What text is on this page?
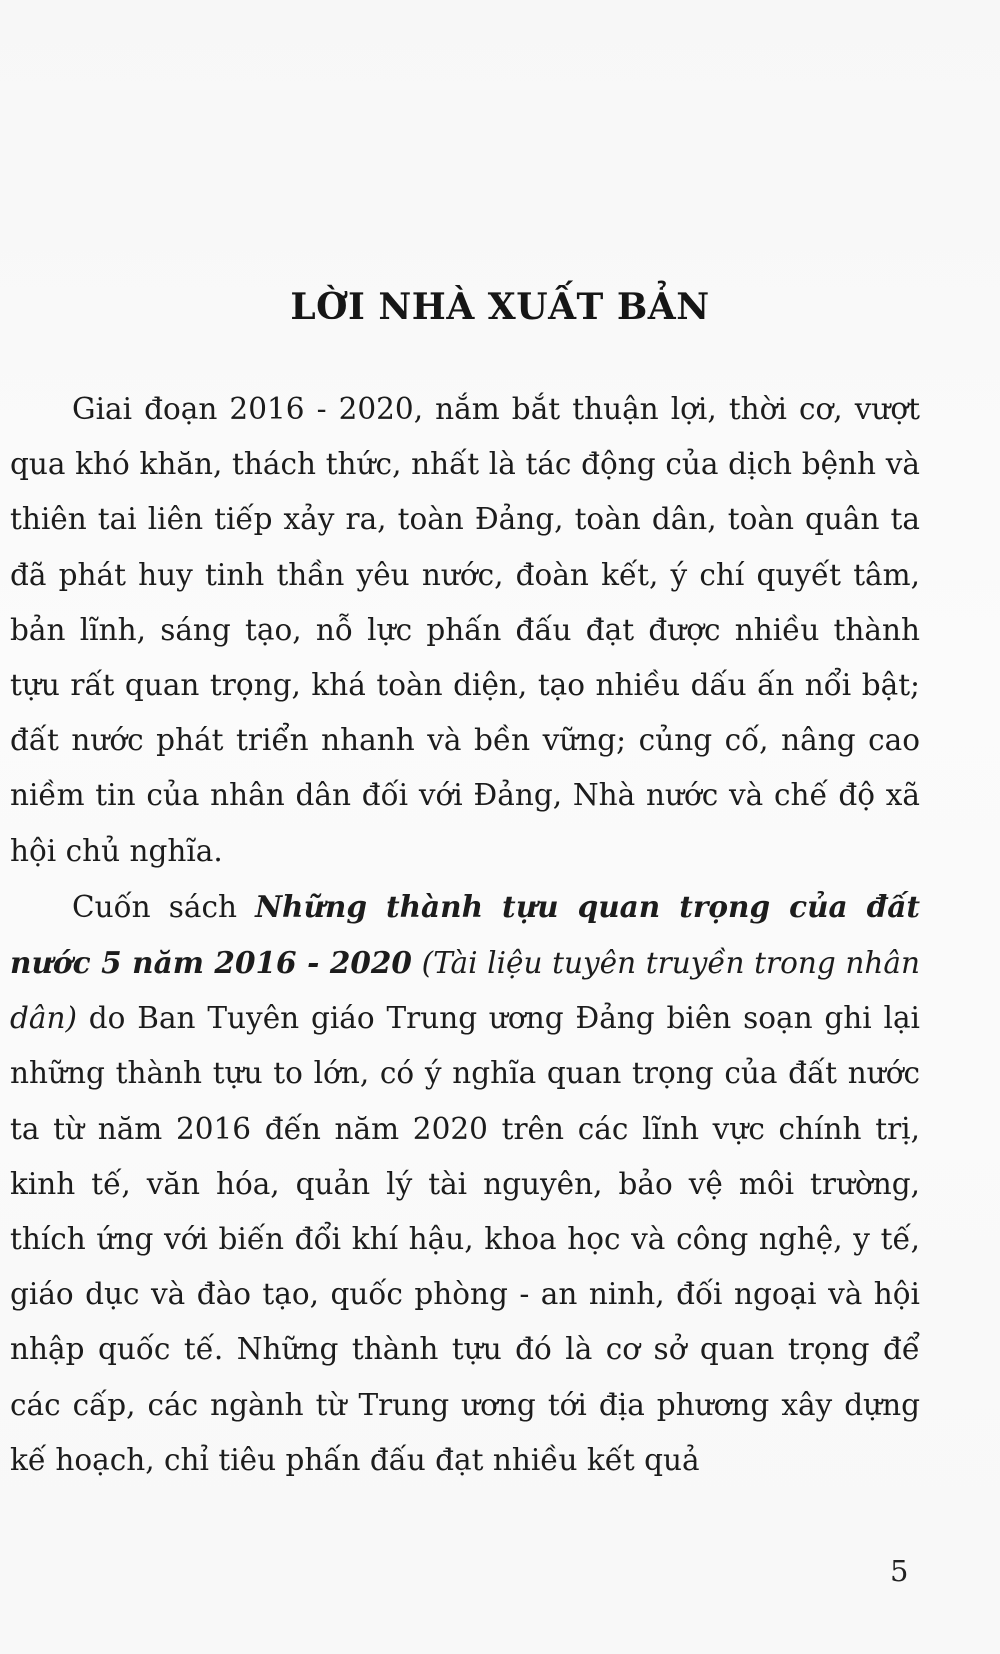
LỜI NHÀ XUẤT BẢN

Giai đoạn 2016 - 2020, nắm bắt thuận lợi, thời cơ, vượt qua khó khăn, thách thức, nhất là tác động của dịch bệnh và thiên tai liên tiếp xảy ra, toàn Đảng, toàn dân, toàn quân ta đã phát huy tinh thần yêu nước, đoàn kết, ý chí quyết tâm, bản lĩnh, sáng tạo, nỗ lực phấn đấu đạt được nhiều thành tựu rất quan trọng, khá toàn diện, tạo nhiều dấu ấn nổi bật; đất nước phát triển nhanh và bền vững; củng cố, nâng cao niềm tin của nhân dân đối với Đảng, Nhà nước và chế độ xã hội chủ nghĩa.

Cuốn sách Những thành tựu quan trọng của đất nước 5 năm 2016 - 2020 (Tài liệu tuyên truyền trong nhân dân) do Ban Tuyên giáo Trung ương Đảng biên soạn ghi lại những thành tựu to lớn, có ý nghĩa quan trọng của đất nước ta từ năm 2016 đến năm 2020 trên các lĩnh vực chính trị, kinh tế, văn hóa, quản lý tài nguyên, bảo vệ môi trường, thích ứng với biến đổi khí hậu, khoa học và công nghệ, y tế, giáo dục và đào tạo, quốc phòng - an ninh, đối ngoại và hội nhập quốc tế. Những thành tựu đó là cơ sở quan trọng để các cấp, các ngành từ Trung ương tới địa phương xây dựng kế hoạch, chỉ tiêu phấn đấu đạt nhiều kết quả

5
